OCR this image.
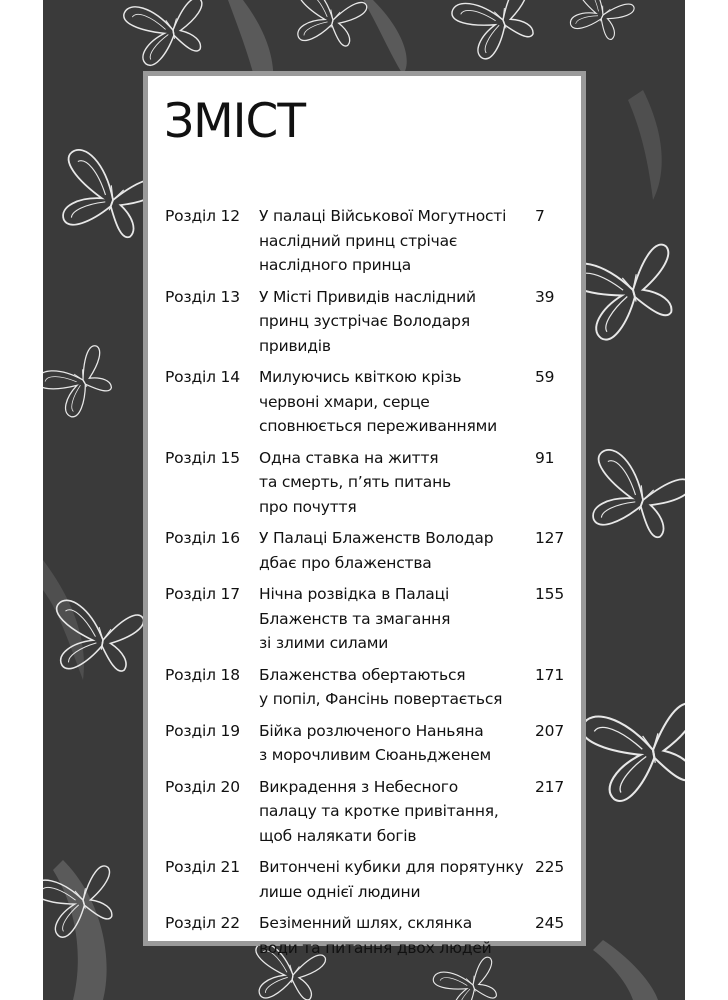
ЗМІСТ
Розділ 12	У палаці Військової Могутності
наслідний принц стрічає
наслідного принца
7
Розділ 13	У Місті Привидів наслідний
принц зустрічає Володаря
привидів
39
Розділ 14	Милуючись квіткою крізь
червоні хмари, серце
сповнюється переживаннями
59
Розділ 15	Одна ставка на життя
та смерть, п’ять питань
про почуття
91
Розділ 16	У Палаці Блаженств Володар
дбає про блаженства
127
Розділ 17	Нічна розвідка в Палаці
Блаженств та змагання
зі злими силами
155
Розділ 18	Блаженства обертаються
у попіл, Фансінь повертається
171
Розділ 19	Бійка розлюченого Наньяна
з морочливим Сюаньдженем
207
Розділ 20	Викрадення з Небесного
палацу та кротке привітання,
щоб налякати богів
217
Розділ 21	Витончені кубики для порятунку
лише однієї людини
225
Розділ 22	Безіменний шлях, склянка
води та питання двох людей
245
